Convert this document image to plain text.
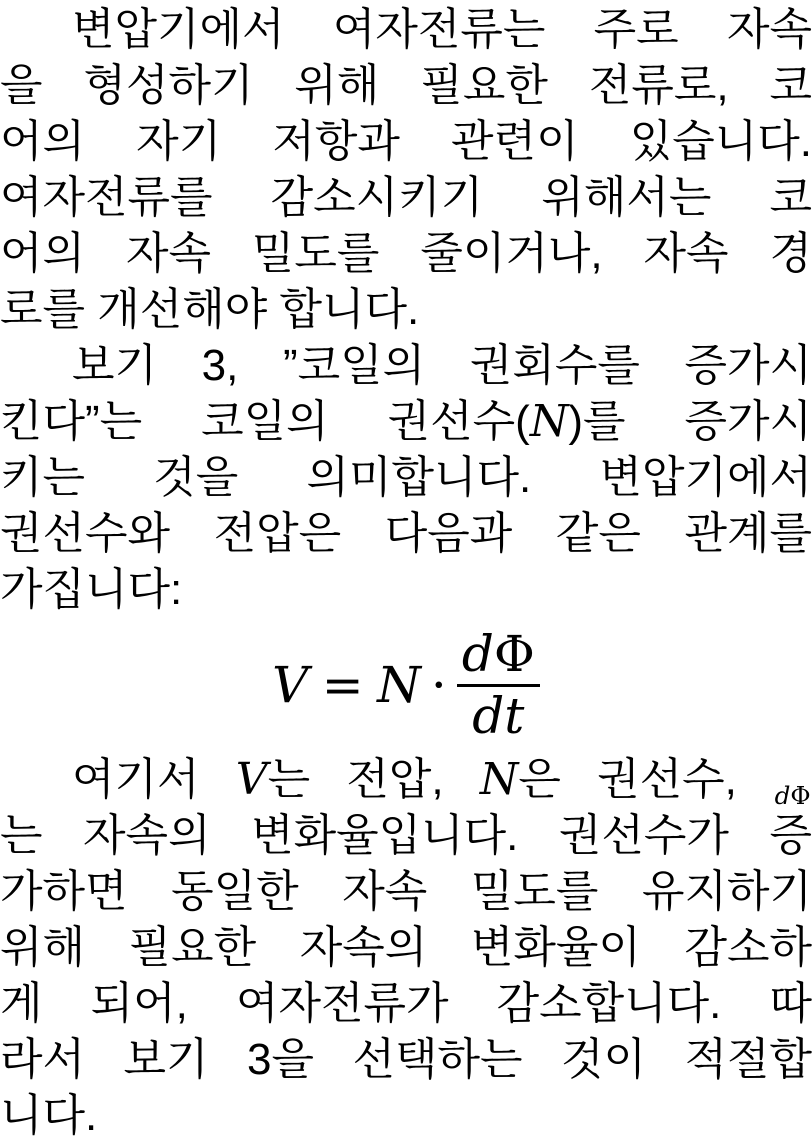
변압기에서 여자전류는 주로 자속
을 형성하기 위해 필요한 전류로, 코
어의 자기 저항과 관련이 있습니다.
여자전류를 감소시키기 위해서는 코
어의 자속 밀도를 줄이거나, 자속 경
로를 개선해야 합니다.
보기 3, ”코일의 권회수를 증가시
킨다”는 코일의 권선수(N)를 증가시
키는 것을 의미합니다. 변압기에서
권선수와 전압은 다음과 같은 관계를
가집니다:
$V = N \cdot \frac{d\Phi}{dt}$
여기서 V는 전압, N은 권선수, dΦ
는 자속의 변화율입니다. 권선수가 증
가하면 동일한 자속 밀도를 유지하기
위해 필요한 자속의 변화율이 감소하
게 되어, 여자전류가 감소합니다. 따
라서 보기 3을 선택하는 것이 적절합
니다.
